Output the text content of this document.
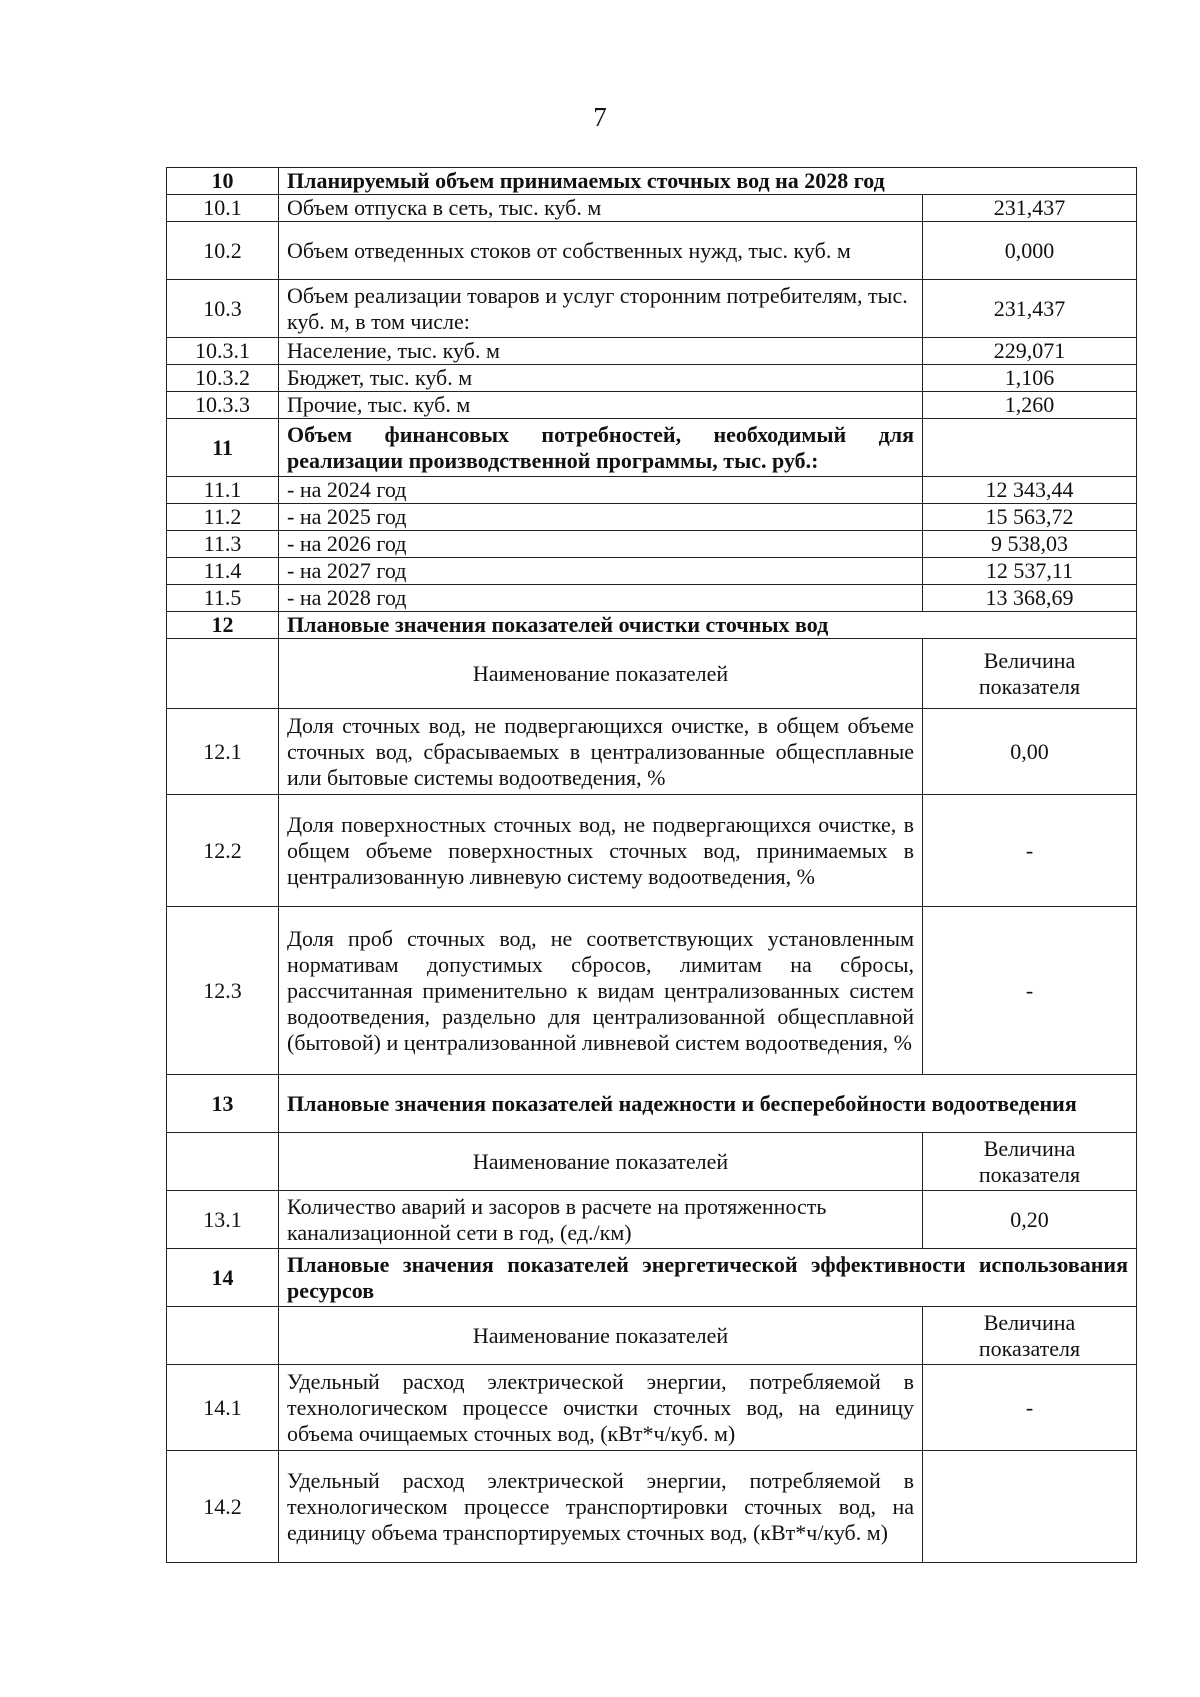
7
10	Планируемый объем принимаемых сточных вод на 2028 год	
10.1	Объем отпуска в сеть, тыс. куб. м	231,437
10.2	Объем отведенных стоков от собственных нужд, тыс. куб. м	0,000
10.3	Объем реализации товаров и услуг сторонним потребителям, тыс. куб. м, в том числе:	231,437
10.3.1	Население, тыс. куб. м	229,071
10.3.2	Бюджет, тыс. куб. м	1,106
10.3.3	Прочие, тыс. куб. м	1,260
11	Объем финансовых потребностей, необходимый для реализации производственной программы, тыс. руб.:	
11.1	- на 2024 год	12 343,44
11.2	- на 2025 год	15 563,72
11.3	- на 2026 год	9 538,03
11.4	- на 2027 год	12 537,11
11.5	- на 2028 год	13 368,69
12	Плановые значения показателей очистки сточных вод	
	Наименование показателей	Величина показателя
12.1	Доля сточных вод, не подвергающихся очистке, в общем объеме сточных вод, сбрасываемых в централизованные общесплавные или бытовые системы водоотведения, %	0,00
12.2	Доля поверхностных сточных вод, не подвергающихся очистке, в общем объеме поверхностных сточных вод, принимаемых в централизованную ливневую систему водоотведения, %	-
12.3	Доля проб сточных вод, не соответствующих установленным нормативам допустимых сбросов, лимитам на сбросы, рассчитанная применительно к видам централизованных систем водоотведения, раздельно для централизованной общесплавной (бытовой) и централизованной ливневой систем водоотведения, %	-
13	Плановые значения показателей надежности и бесперебойности водоотведения	
	Наименование показателей	Величина показателя
13.1	Количество аварий и засоров в расчете на протяженность канализационной сети в год, (ед./км)	0,20
14	Плановые значения показателей энергетической эффективности использования ресурсов	
	Наименование показателей	Величина показателя
14.1	Удельный расход электрической энергии, потребляемой в технологическом процессе очистки сточных вод, на единицу объема очищаемых сточных вод, (кВт*ч/куб. м)	-
14.2	Удельный расход электрической энергии, потребляемой в технологическом процессе транспортировки сточных вод, на единицу объема транспортируемых сточных вод, (кВт*ч/куб. м)	
